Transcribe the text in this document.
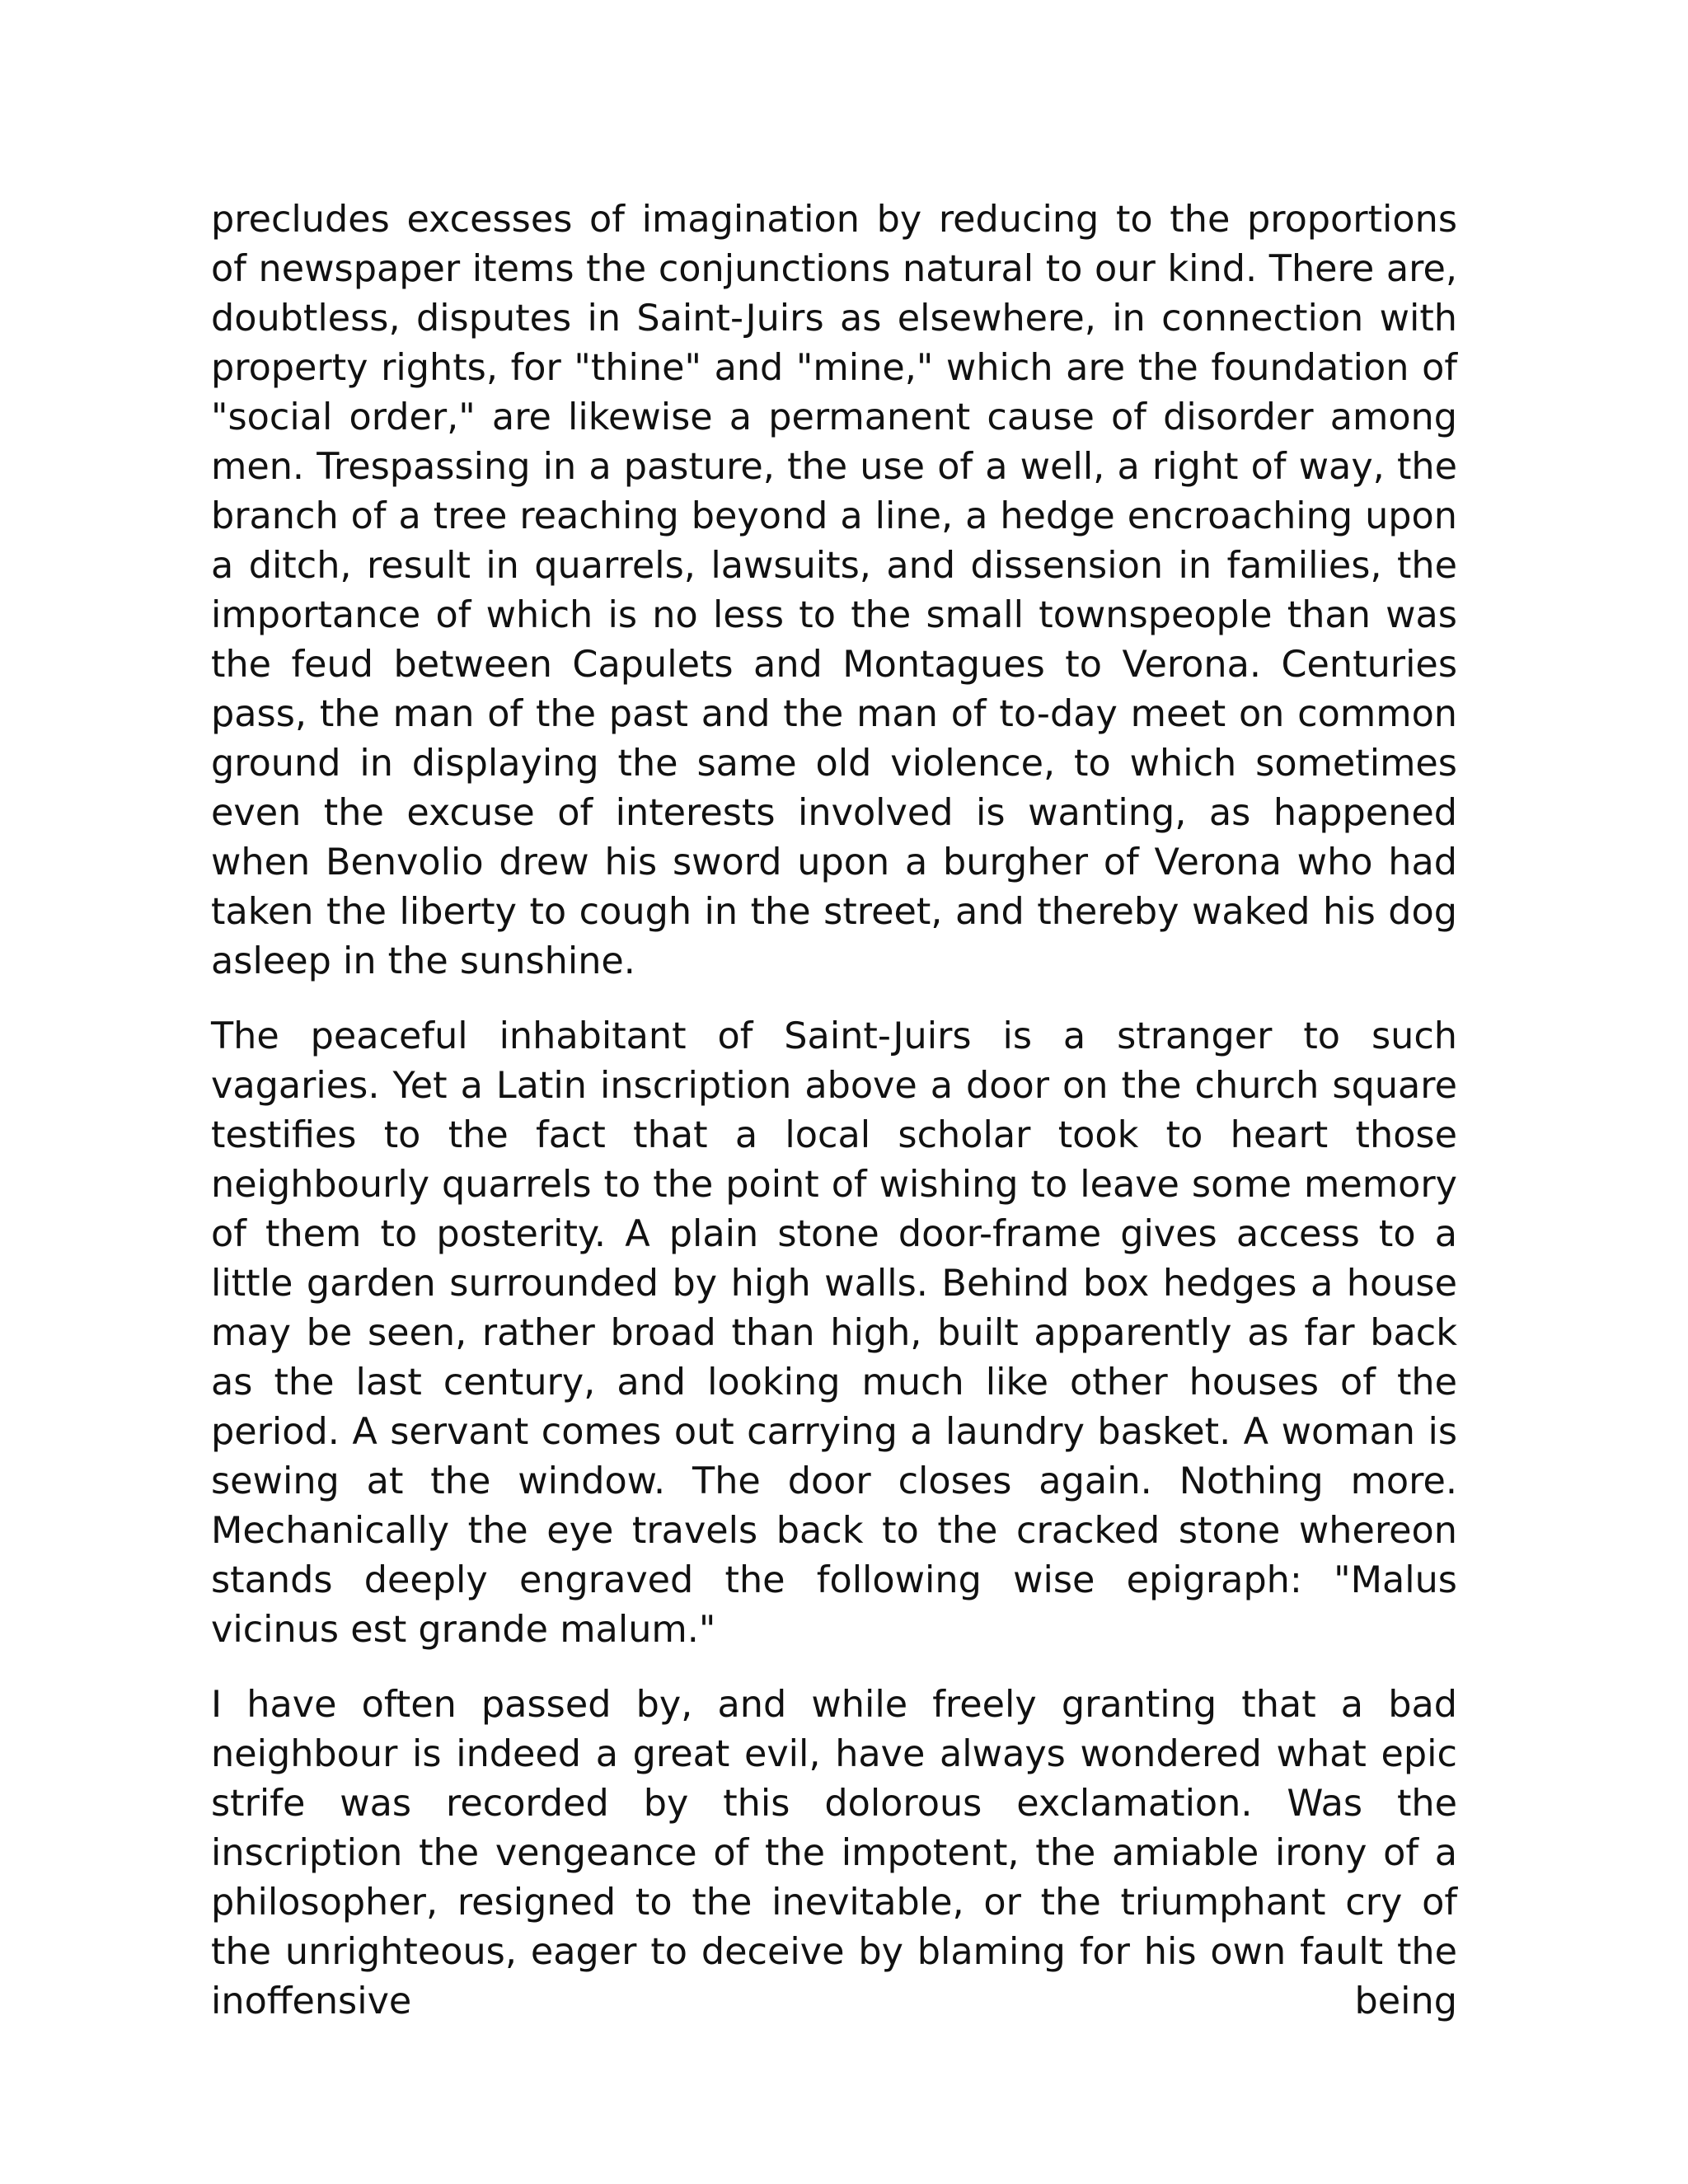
precludes excesses of imagination by reducing to the proportions of newspaper items the conjunctions natural to our kind. There are, doubtless, disputes in Saint-Juirs as elsewhere, in connection with property rights, for "thine" and "mine," which are the foundation of "social order," are likewise a permanent cause of disorder among men. Trespassing in a pasture, the use of a well, a right of way, the branch of a tree reaching beyond a line, a hedge encroaching upon a ditch, result in quarrels, lawsuits, and dissension in families, the importance of which is no less to the small townspeople than was the feud between Capulets and Montagues to Verona. Centuries pass, the man of the past and the man of to-day meet on common ground in displaying the same old violence, to which sometimes even the excuse of interests involved is wanting, as happened when Benvolio drew his sword upon a burgher of Verona who had taken the liberty to cough in the street, and thereby waked his dog asleep in the sunshine.

The peaceful inhabitant of Saint-Juirs is a stranger to such vagaries. Yet a Latin inscription above a door on the church square testifies to the fact that a local scholar took to heart those neighbourly quarrels to the point of wishing to leave some memory of them to posterity. A plain stone door-frame gives access to a little garden surrounded by high walls. Behind box hedges a house may be seen, rather broad than high, built apparently as far back as the last century, and looking much like other houses of the period. A servant comes out carrying a laundry basket. A woman is sewing at the window. The door closes again. Nothing more. Mechanically the eye travels back to the cracked stone whereon stands deeply engraved the following wise epigraph: "Malus vicinus est grande malum."

I have often passed by, and while freely granting that a bad neighbour is indeed a great evil, have always wondered what epic strife was recorded by this dolorous exclamation. Was the inscription the vengeance of the impotent, the amiable irony of a philosopher, resigned to the inevitable, or the triumphant cry of the unrighteous, eager to deceive by blaming for his own fault the inoffensive being
